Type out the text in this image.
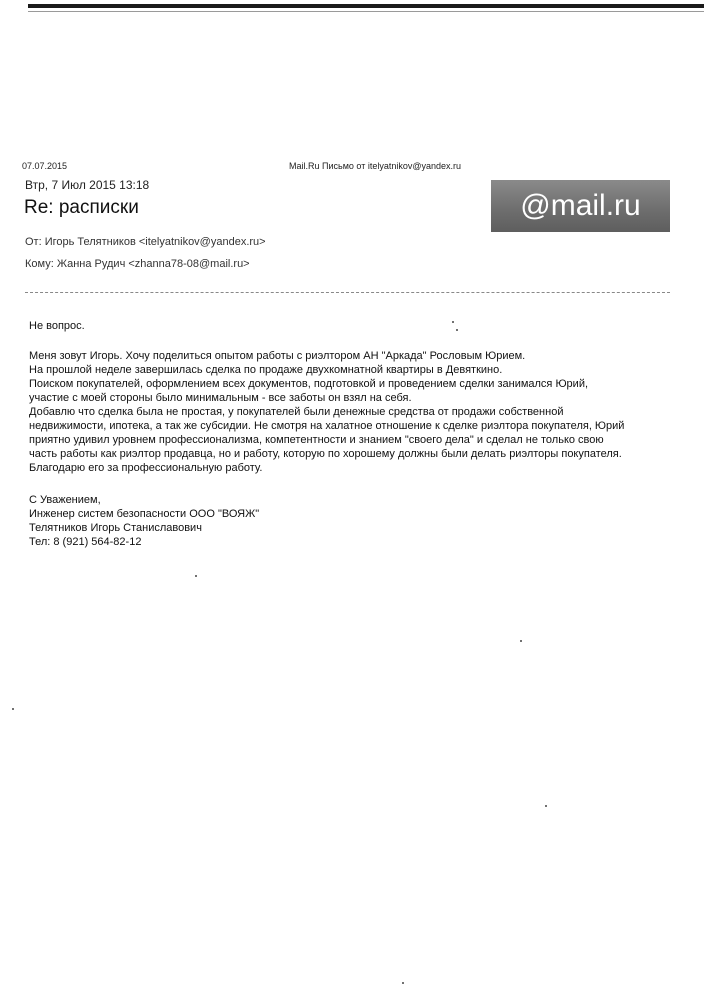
07.07.2015	Mail.Ru Письмо от itelyatnikov@yandex.ru
Втр, 7 Июл 2015 13:18
Re: расписки	@mail.ru
От: Игорь Телятников <itelyatnikov@yandex.ru>
Кому: Жанна Рудич <zhanna78-08@mail.ru>

Не вопрос.

Меня зовут Игорь. Хочу поделиться опытом работы с риэлтором АН "Аркада" Рословым Юрием.
На прошлой неделе завершилась сделка по продаже двухкомнатной квартиры в Девяткино.
Поиском покупателей, оформлением всех документов, подготовкой и проведением сделки занимался Юрий,
участие с моей стороны было минимальным - все заботы он взял на себя.
Добавлю что сделка была не простая, у покупателей были денежные средства от продажи собственной
недвижимости, ипотека, а так же субсидии. Не смотря на халатное отношение к сделке риэлтора покупателя, Юрий
приятно удивил уровнем профессионализма, компетентности и знанием "своего дела" и сделал не только свою
часть работы как риэлтор продавца, но и работу, которую по хорошему должны были делать риэлторы покупателя.
Благодарю его за профессиональную работу.
С Уважением,
Инженер систем безопасности ООО "ВОЯЖ"
Телятников Игорь Станиславович
Тел: 8 (921) 564-82-12
